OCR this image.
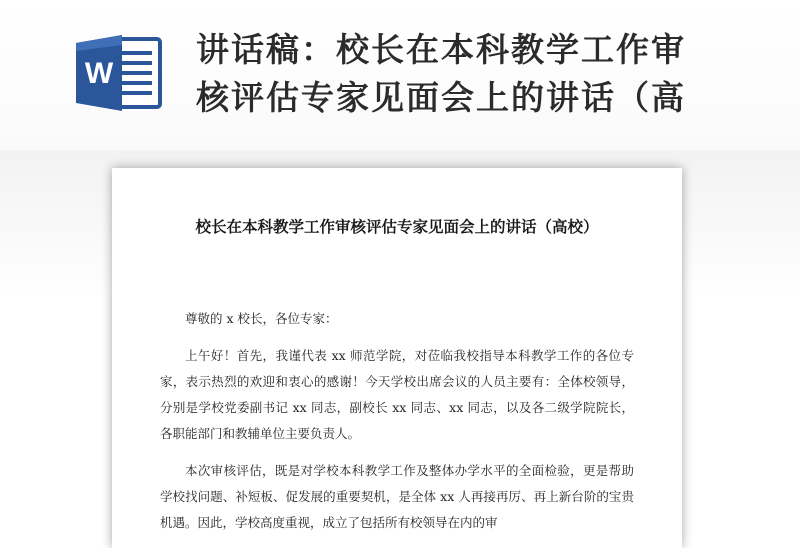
W
讲话稿：校长在本科教学工作审
核评估专家见面会上的讲话（高
校长在本科教学工作审核评估专家见面会上的讲话（高校）

尊敬的 x 校长，各位专家：

上午好！首先，我谨代表 xx 师范学院，对莅临我校指导本科教学工作的各位专家，表示热烈的欢迎和衷心的感谢！今天学校出席会议的人员主要有：全体校领导，分别是学校党委副书记 xx 同志，副校长 xx 同志、xx 同志，以及各二级学院院长，各职能部门和教辅单位主要负责人。

本次审核评估，既是对学校本科教学工作及整体办学水平的全面检验，更是帮助学校找问题、补短板、促发展的重要契机，是全体 xx 人再接再厉、再上新台阶的宝贵机遇。因此，学校高度重视，成立了包括所有校领导在内的审
